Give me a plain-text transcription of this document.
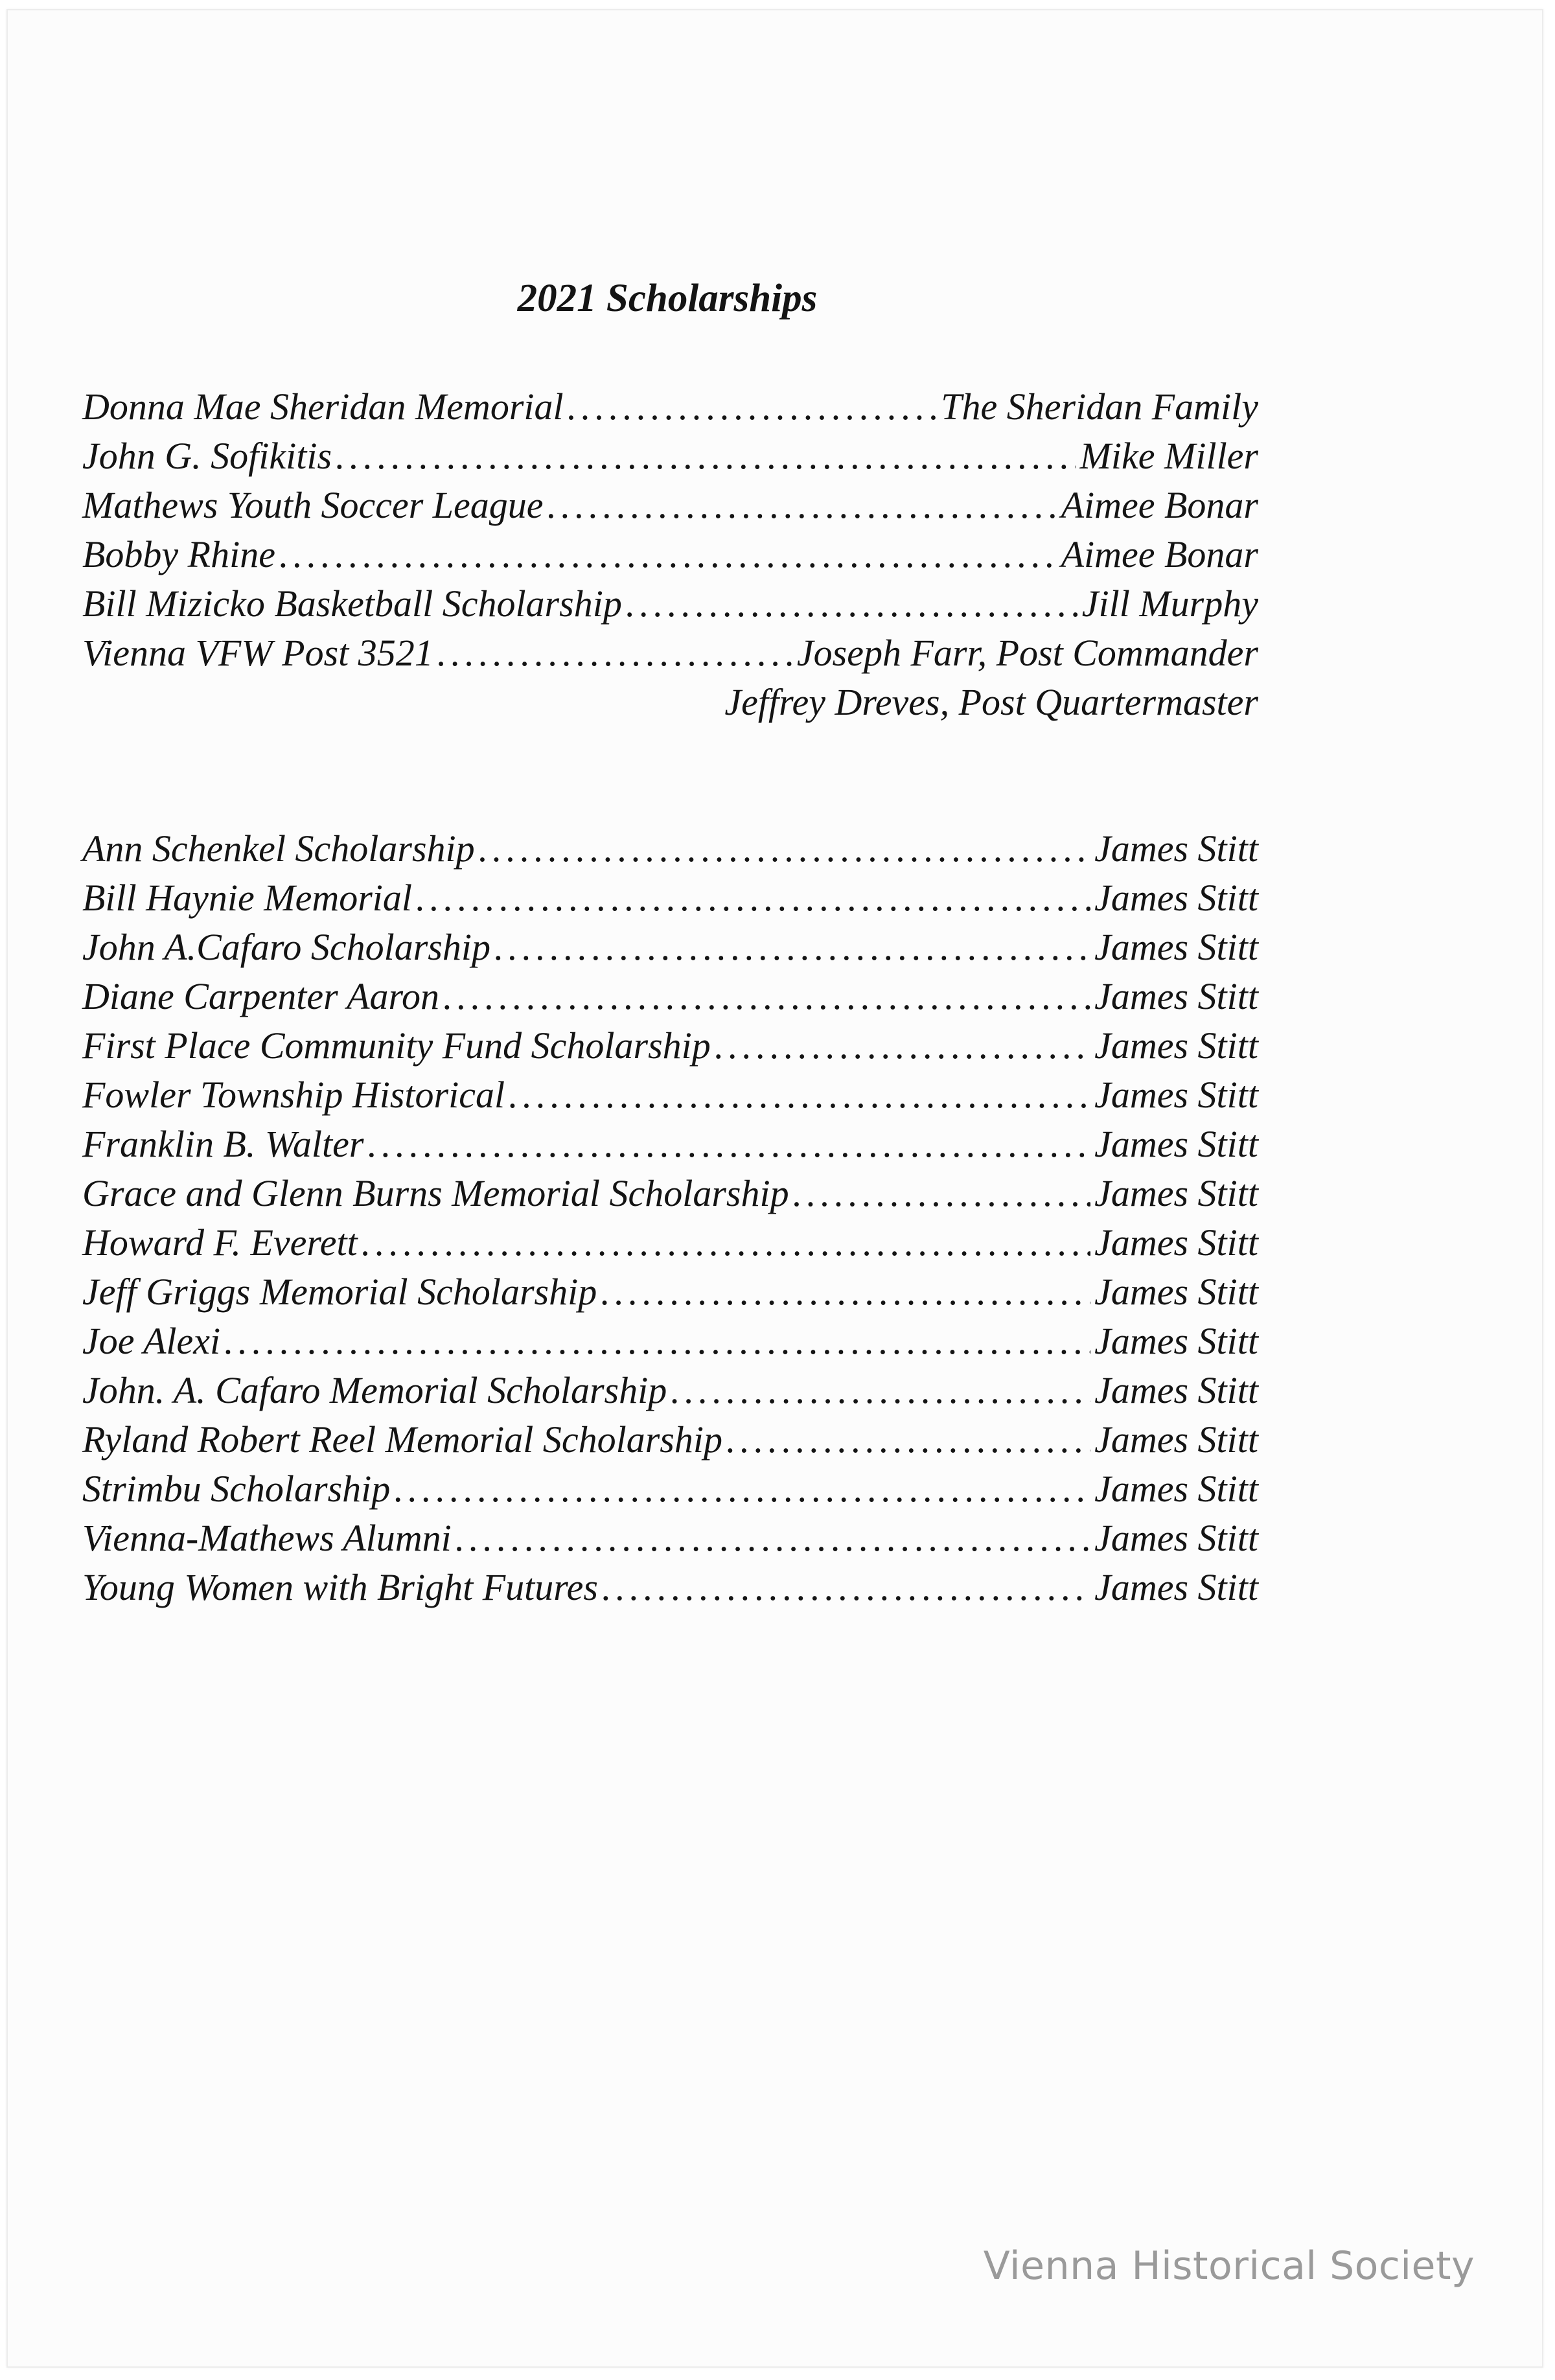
2021 Scholarships
Donna Mae Sheridan Memorial .....	The Sheridan Family
John G. Sofikitis .....	Mike Miller
Mathews Youth Soccer League .....	Aimee Bonar
Bobby Rhine .....	Aimee Bonar
Bill Mizicko Basketball Scholarship .....	Jill Murphy
Vienna VFW Post 3521 .....	Joseph Farr, Post Commander
Jeffrey Dreves, Post Quartermaster
Ann Schenkel Scholarship .....	James Stitt
Bill Haynie Memorial .....	James Stitt
John A.Cafaro Scholarship .....	James Stitt
Diane Carpenter Aaron .....	James Stitt
First Place Community Fund Scholarship .....	James Stitt
Fowler Township Historical .....	James Stitt
Franklin B. Walter .....	James Stitt
Grace and Glenn Burns Memorial Scholarship .....	James Stitt
Howard F. Everett .....	James Stitt
Jeff Griggs Memorial Scholarship .....	James Stitt
Joe Alexi .....	James Stitt
John. A. Cafaro Memorial Scholarship .....	James Stitt
Ryland Robert Reel Memorial Scholarship .....	James Stitt
Strimbu Scholarship .....	James Stitt
Vienna-Mathews Alumni .....	James Stitt
Young Women with Bright Futures .....	James Stitt
Vienna Historical Society
